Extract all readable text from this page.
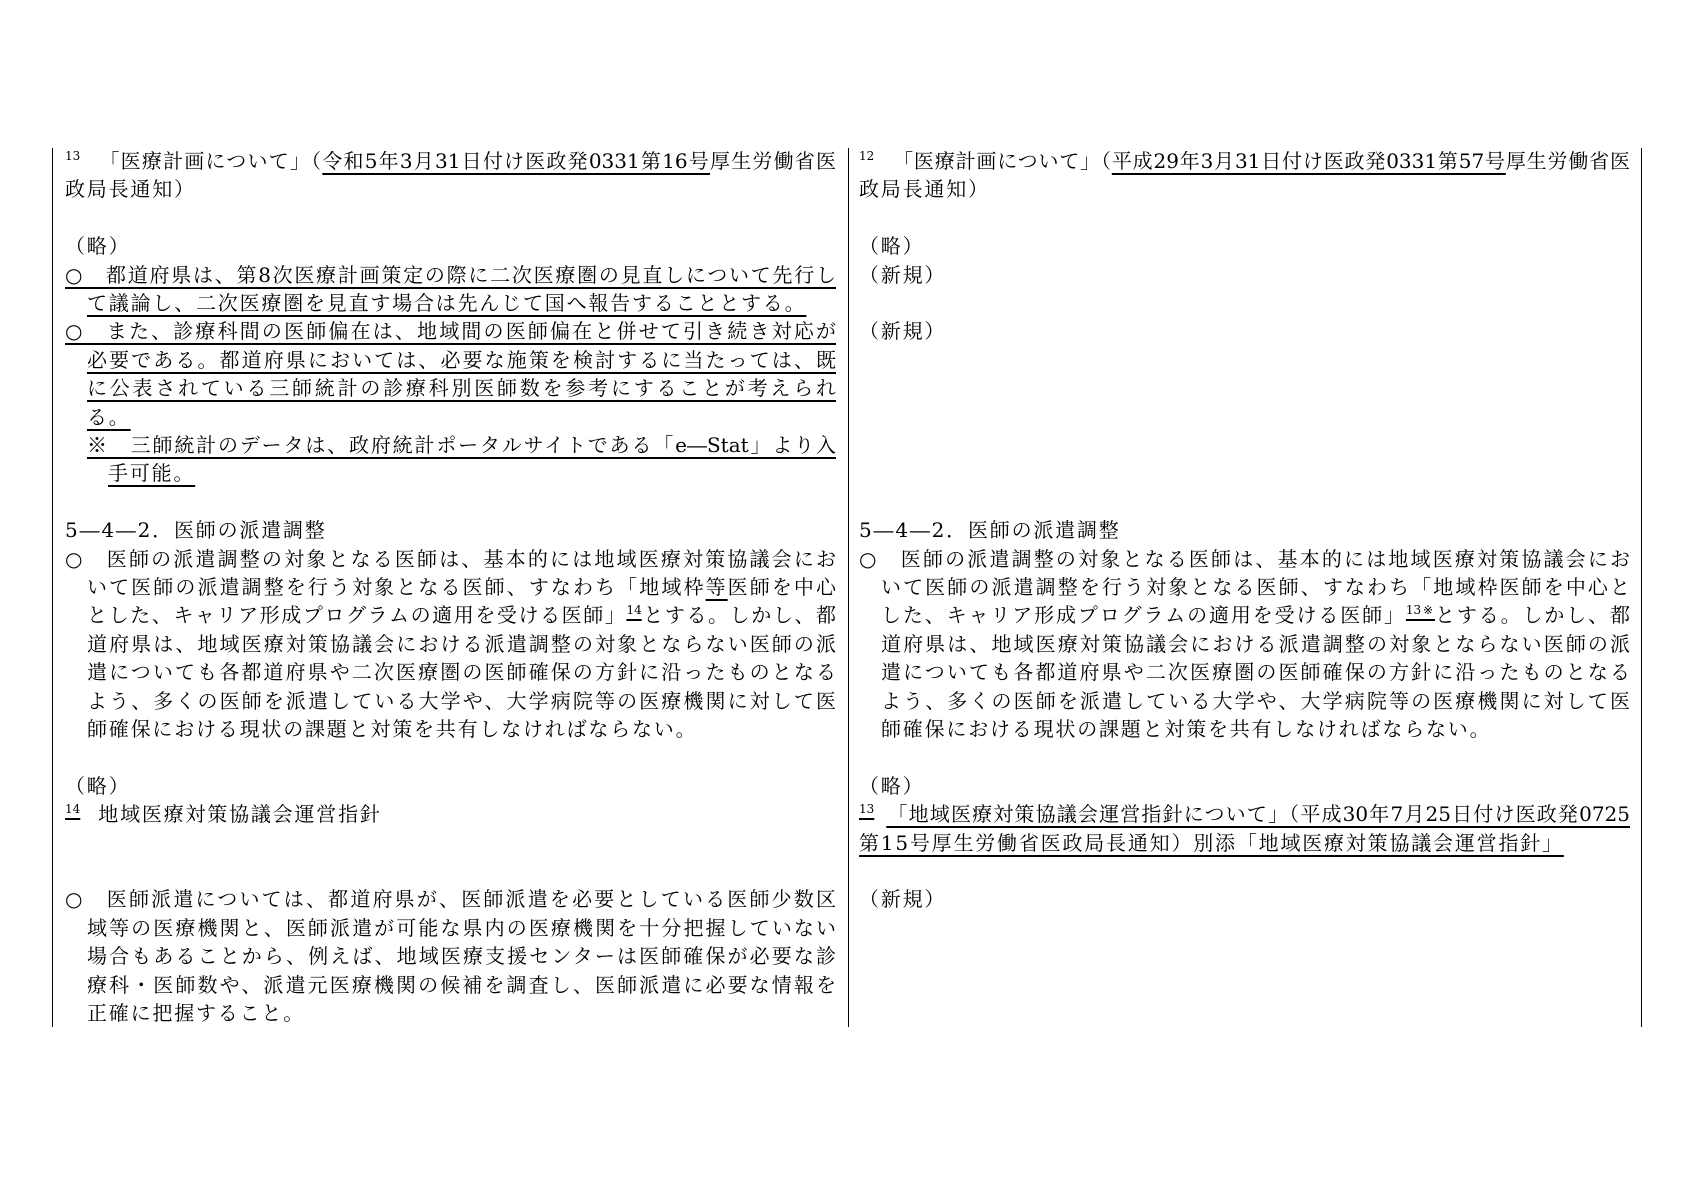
$^{13}$ 「医療計画について」（令和5年3月31日付け医政発0331第16号厚生労働省医
政局長通知）
（略）
○　都道府県は、第8次医療計画策定の際に二次医療圏の見直しについて先行し
て議論し、二次医療圏を見直す場合は先んじて国へ報告することとする。
○　また、診療科間の医師偏在は、地域間の医師偏在と併せて引き続き対応が
必要である。都道府県においては、必要な施策を検討するに当たっては、既
に公表されている三師統計の診療科別医師数を参考にすることが考えられ
る。
※　三師統計のデータは、政府統計ポータルサイトである「e―Stat」より入
手可能。
5―4―2．医師の派遣調整
○　医師の派遣調整の対象となる医師は、基本的には地域医療対策協議会にお
いて医師の派遣調整を行う対象となる医師、すなわち「地域枠等医師を中心
とした、キャリア形成プログラムの適用を受ける医師」$^{14}$とする。しかし、都
道府県は、地域医療対策協議会における派遣調整の対象とならない医師の派
遣についても各都道府県や二次医療圏の医師確保の方針に沿ったものとなる
よう、多くの医師を派遣している大学や、大学病院等の医療機関に対して医
師確保における現状の課題と対策を共有しなければならない。
（略）
$^{14}$ 地域医療対策協議会運営指針
○　医師派遣については、都道府県が、医師派遣を必要としている医師少数区
域等の医療機関と、医師派遣が可能な県内の医療機関を十分把握していない
場合もあることから、例えば、地域医療支援センターは医師確保が必要な診
療科・医師数や、派遣元医療機関の候補を調査し、医師派遣に必要な情報を
正確に把握すること。
$^{12}$ 「医療計画について」（平成29年3月31日付け医政発0331第57号厚生労働省医
政局長通知）
（略）
（新規）
（新規）
5―4―2．医師の派遣調整
○　医師の派遣調整の対象となる医師は、基本的には地域医療対策協議会にお
いて医師の派遣調整を行う対象となる医師、すなわち「地域枠医師を中心と
した、キャリア形成プログラムの適用を受ける医師」$^{13※}$とする。しかし、都
道府県は、地域医療対策協議会における派遣調整の対象とならない医師の派
遣についても各都道府県や二次医療圏の医師確保の方針に沿ったものとなる
よう、多くの医師を派遣している大学や、大学病院等の医療機関に対して医
師確保における現状の課題と対策を共有しなければならない。
（略）
$^{13}$ 「地域医療対策協議会運営指針について」（平成30年7月25日付け医政発0725
第15号厚生労働省医政局長通知）別添「地域医療対策協議会運営指針」
（新規）
